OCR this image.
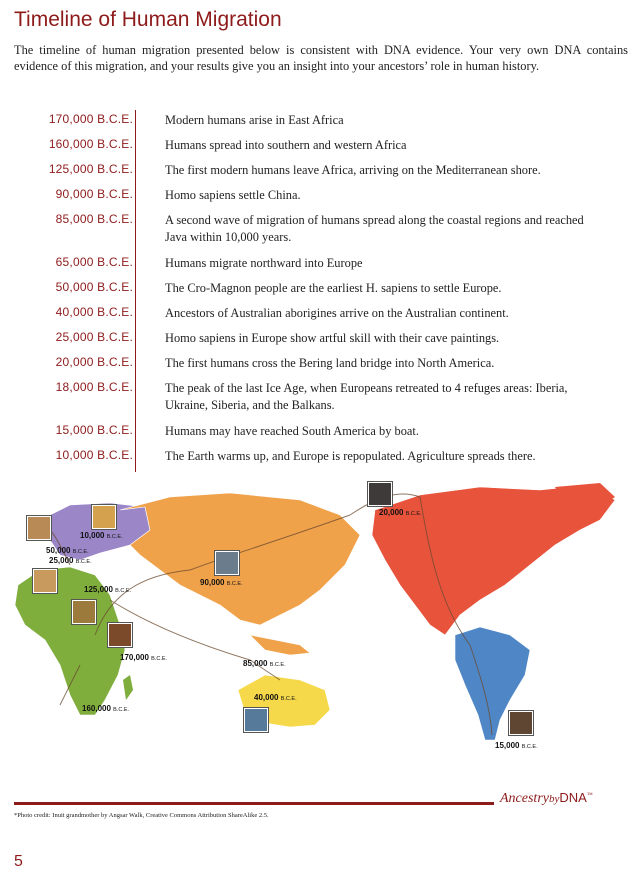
Timeline of Human Migration

The timeline of human migration presented below is consistent with DNA evidence. Your very own DNA contains evidence of this migration, and your results give you an insight into your ancestors’ role in human history.

170,000 B.C.E.	Modern humans arise in East Africa
160,000 B.C.E.	Humans spread into southern and western Africa
125,000 B.C.E.	The first modern humans leave Africa, arriving on the Mediterranean shore.
90,000 B.C.E.	Homo sapiens settle China.
85,000 B.C.E.	A second wave of migration of humans spread along the coastal regions and reached Java within 10,000 years.
65,000 B.C.E.	Humans migrate northward into Europe
50,000 B.C.E.	The Cro-Magnon people are the earliest H. sapiens to settle Europe.
40,000 B.C.E.	Ancestors of Australian aborigines arrive on the Australian continent.
25,000 B.C.E.	Homo sapiens in Europe show artful skill with their cave paintings.
20,000 B.C.E.	The first humans cross the Bering land bridge into North America.
18,000 B.C.E.	The peak of the last Ice Age, when Europeans retreated to 4 refuges areas: Iberia, Ukraine, Siberia, and the Balkans.
15,000 B.C.E.	Humans may have reached South America by boat.
10,000 B.C.E.	The Earth warms up, and Europe is repopulated. Agriculture spreads there.
10,000 B.C.E.
50,000 B.C.E.
25,000 B.C.E.
125,000 B.C.E.
90,000 B.C.E.
170,000 B.C.E.	85,000 B.C.E.
40,000 B.C.E.
160,000 B.C.E.
20,000 B.C.E.
15,000 B.C.E.
AncestrybyDNA™
*Photo credit: Inuit grandmother by Angsar Walk, Creative Commons Attribution ShareAlike 2.5.
5
